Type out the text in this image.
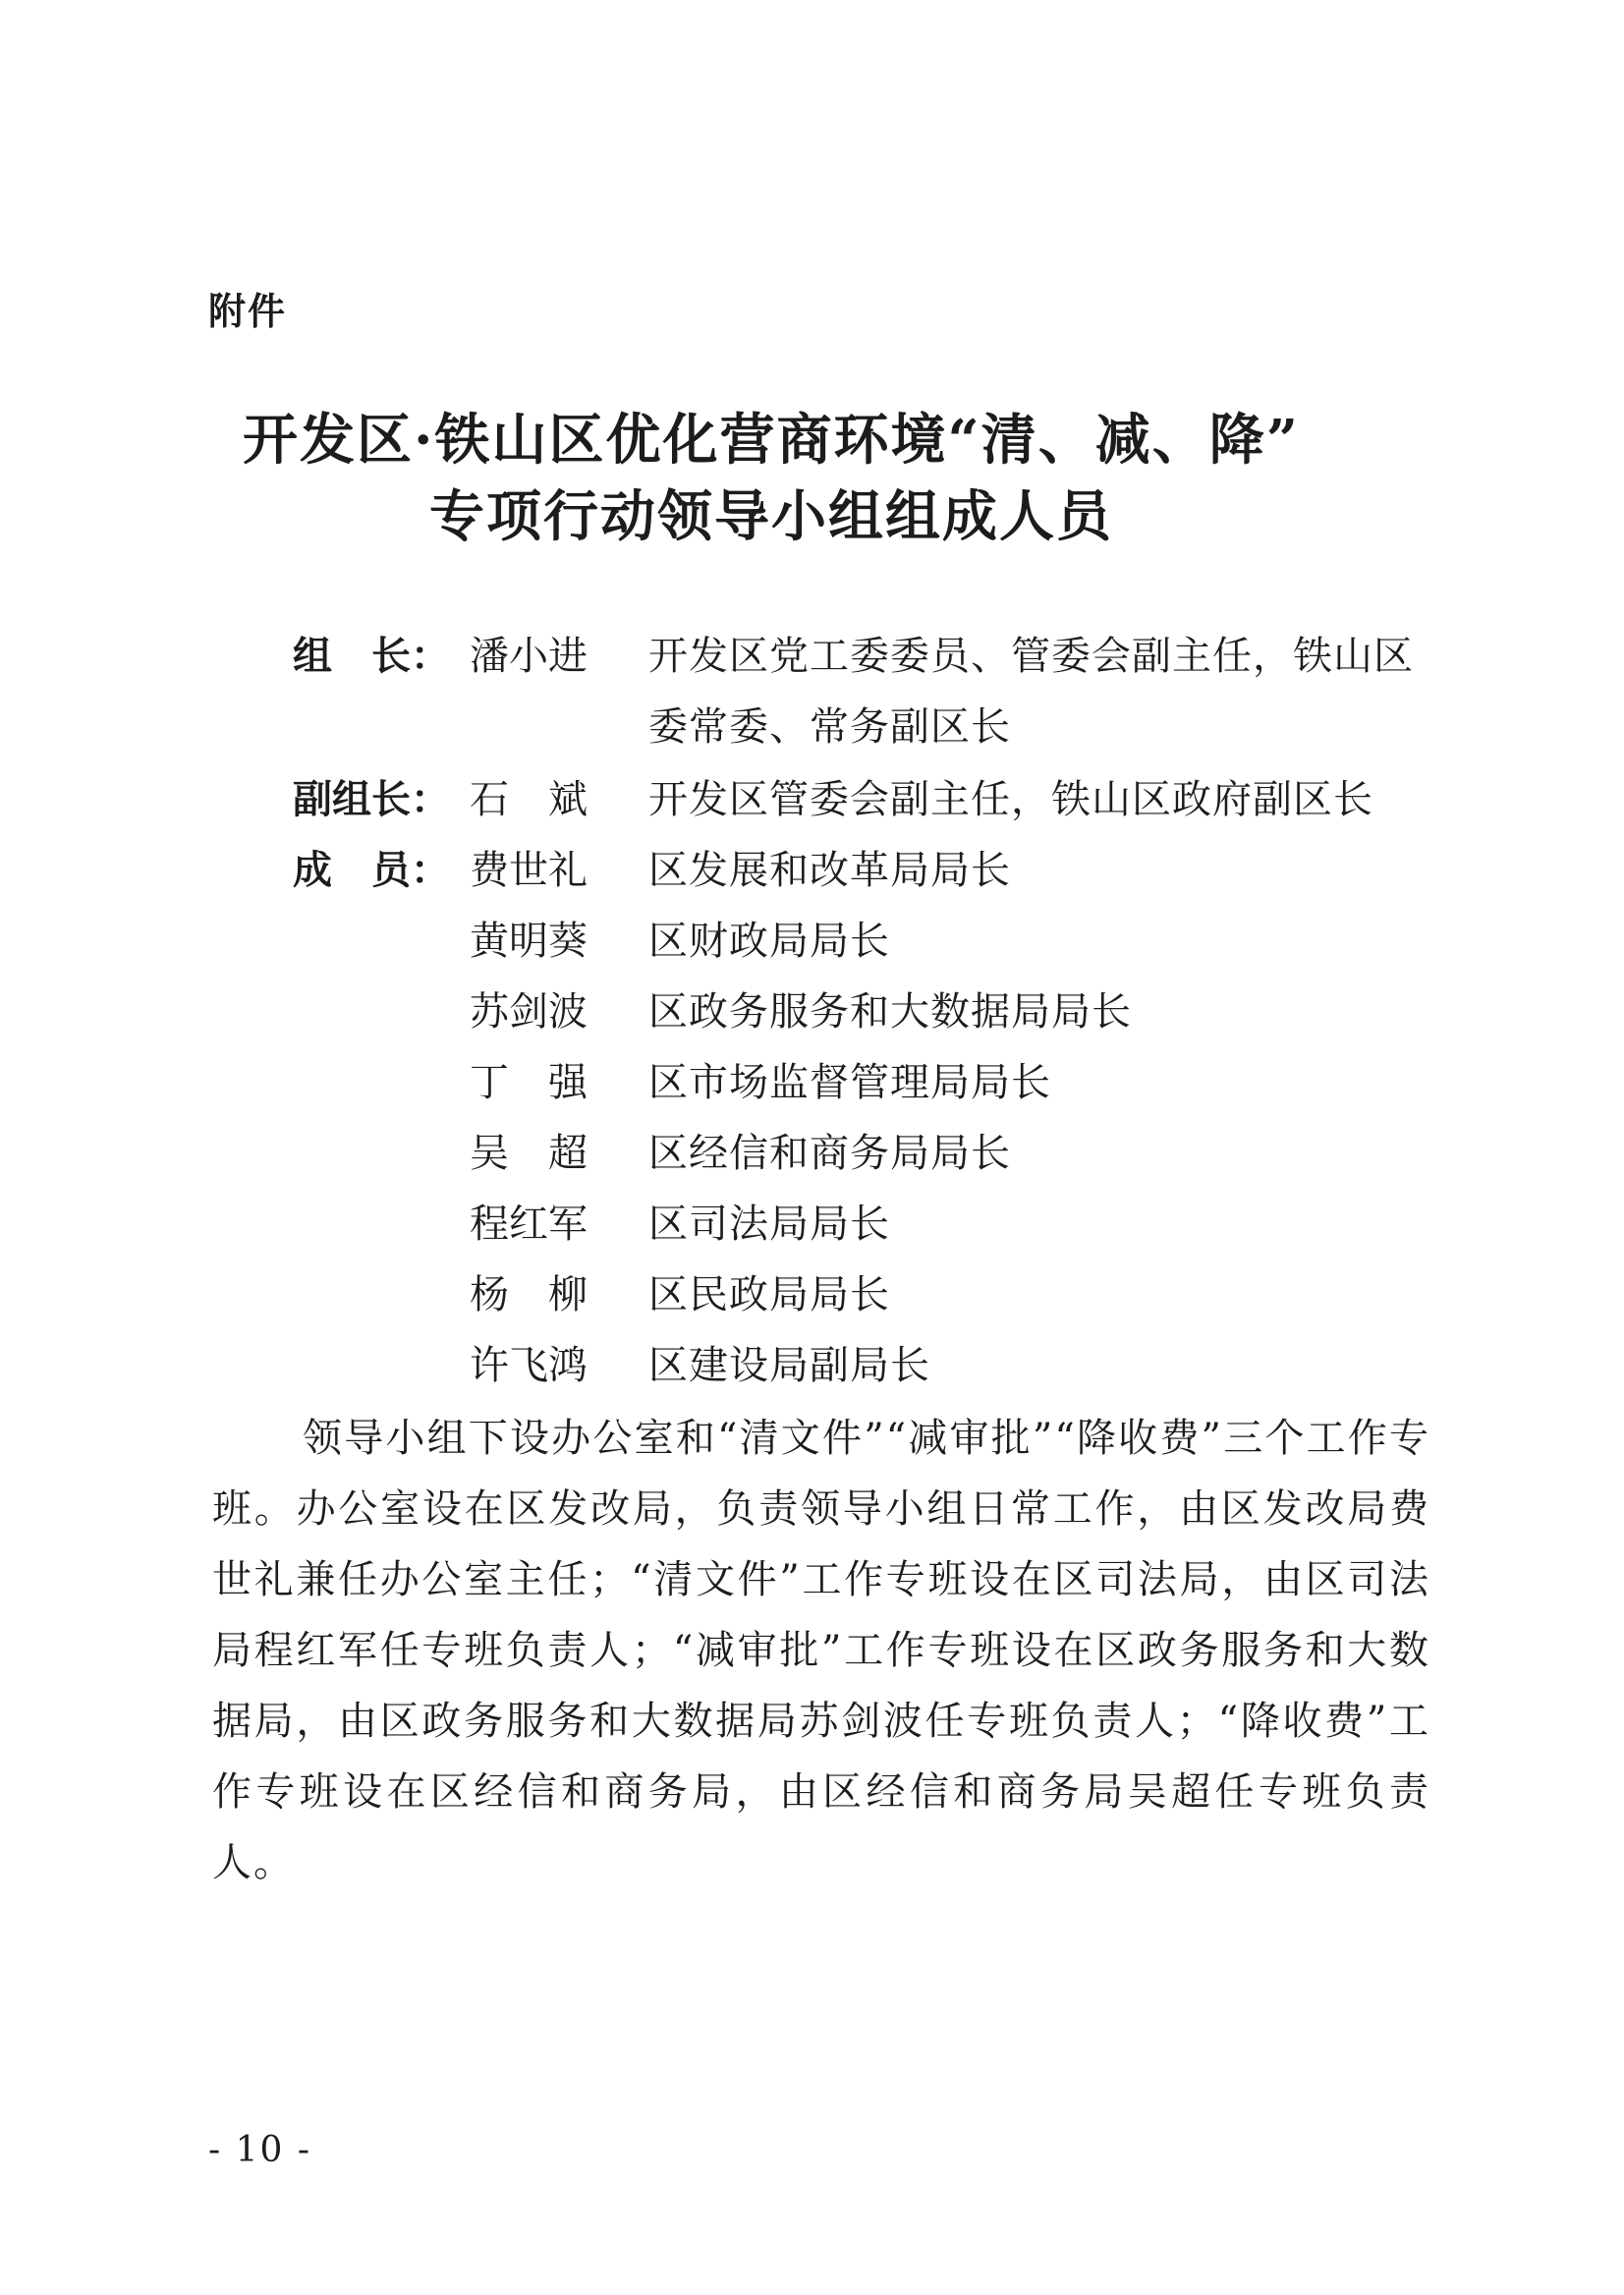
附件
开发区·铁山区优化营商环境“清、减、降”
专项行动领导小组组成人员
组　长： 潘小进	开发区党工委委员、管委会副主任，铁山区委常委、常务副区长
副组长： 石　斌	开发区管委会副主任，铁山区政府副区长
成　员： 费世礼	区发展和改革局局长
黄明葵	区财政局局长
苏剑波	区政务服务和大数据局局长
丁　强	区市场监督管理局局长
吴　超	区经信和商务局局长
程红军	区司法局局长
杨　柳	区民政局局长
许飞鸿	区建设局副局长

领导小组下设办公室和“清文件”“减审批”“降收费”三个工作专班。办公室设在区发改局，负责领导小组日常工作，由区发改局费世礼兼任办公室主任；“清文件”工作专班设在区司法局，由区司法局程红军任专班负责人；“减审批”工作专班设在区政务服务和大数据局，由区政务服务和大数据局苏剑波任专班负责人；“降收费”工作专班设在区经信和商务局，由区经信和商务局吴超任专班负责人。

- 10 -
